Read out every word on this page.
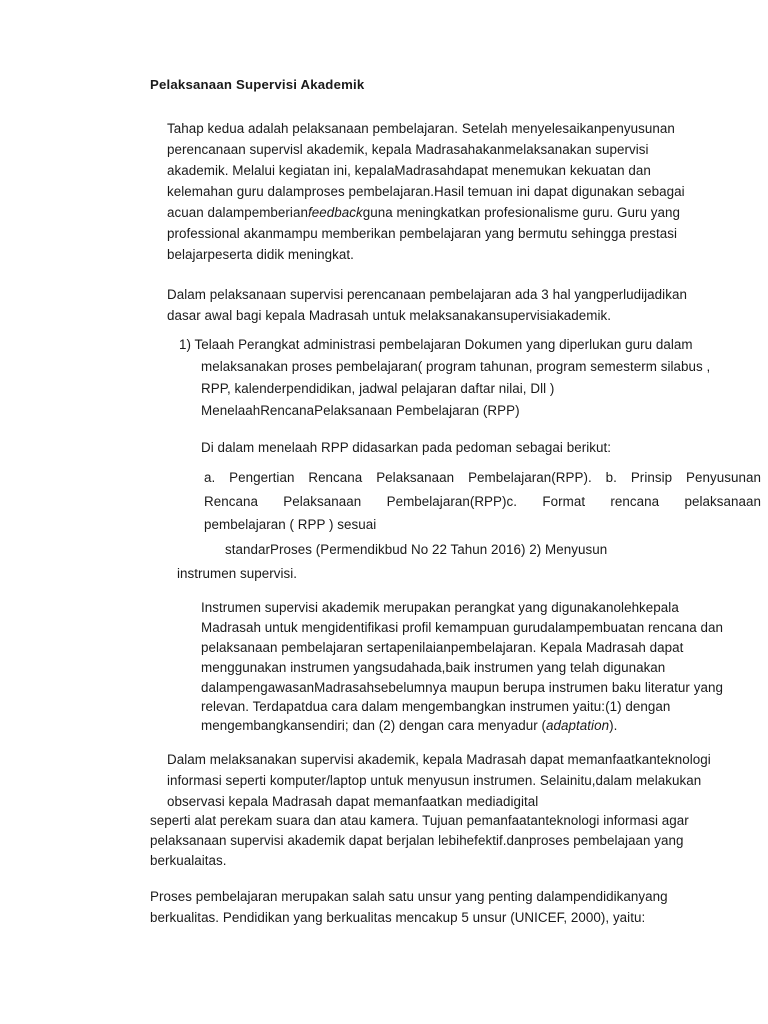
Pelaksanaan Supervisi Akademik
Tahap kedua adalah pelaksanaan pembelajaran. Setelah menyelesaikanpenyusunan
perencanaan supervisl akademik, kepala Madrasahakanmelaksanakan supervisi
akademik. Melalui kegiatan ini, kepalaMadrasahdapat menemukan kekuatan dan
kelemahan guru dalamproses pembelajaran.Hasil temuan ini dapat digunakan sebagai
acuan dalampemberianfeedbackguna meningkatkan profesionalisme guru. Guru yang
professional akanmampu memberikan pembelajaran yang bermutu sehingga prestasi
belajarpeserta didik meningkat.
Dalam pelaksanaan supervisi perencanaan pembelajaran ada 3 hal yangperludijadikan
dasar awal bagi kepala Madrasah untuk melaksanakansupervisiakademik.
1) Telaah Perangkat administrasi pembelajaran Dokumen yang diperlukan guru dalam
melaksanakan proses pembelajaran( program tahunan, program semesterm silabus ,
RPP, kalenderpendidikan, jadwal pelajaran daftar nilai, Dll )
MenelaahRencanaPelaksanaan Pembelajaran (RPP)
Di dalam menelaah RPP didasarkan pada pedoman sebagai berikut:
a. Pengertian Rencana Pelaksanaan Pembelajaran(RPP). b. Prinsip Penyusunan
Rencana Pelaksanaan Pembelajaran(RPP)c. Format rencana pelaksanaan
pembelajaran ( RPP ) sesuai
standarProses (Permendikbud No 22 Tahun 2016) 2) Menyusun
instrumen supervisi.
Instrumen supervisi akademik merupakan perangkat yang digunakanolehkepala
Madrasah untuk mengidentifikasi profil kemampuan gurudalampembuatan rencana dan
pelaksanaan pembelajaran sertapenilaianpembelajaran. Kepala Madrasah dapat
menggunakan instrumen yangsudahada,baik instrumen yang telah digunakan
dalampengawasanMadrasahsebelumnya maupun berupa instrumen baku literatur yang
relevan. Terdapatdua cara dalam mengembangkan instrumen yaitu:(1) dengan
mengembangkansendiri; dan (2) dengan cara menyadur (adaptation).
Dalam melaksanakan supervisi akademik, kepala Madrasah dapat memanfaatkanteknologi
informasi seperti komputer/laptop untuk menyusun instrumen. Selainitu,dalam melakukan
observasi kepala Madrasah dapat memanfaatkan mediadigital
seperti alat perekam suara dan atau kamera. Tujuan pemanfaatanteknologi informasi agar
pelaksanaan supervisi akademik dapat berjalan lebihefektif.danproses pembelajaan yang
berkualaitas.
Proses pembelajaran merupakan salah satu unsur yang penting dalampendidikanyang
berkualitas. Pendidikan yang berkualitas mencakup 5 unsur (UNICEF, 2000), yaitu:
